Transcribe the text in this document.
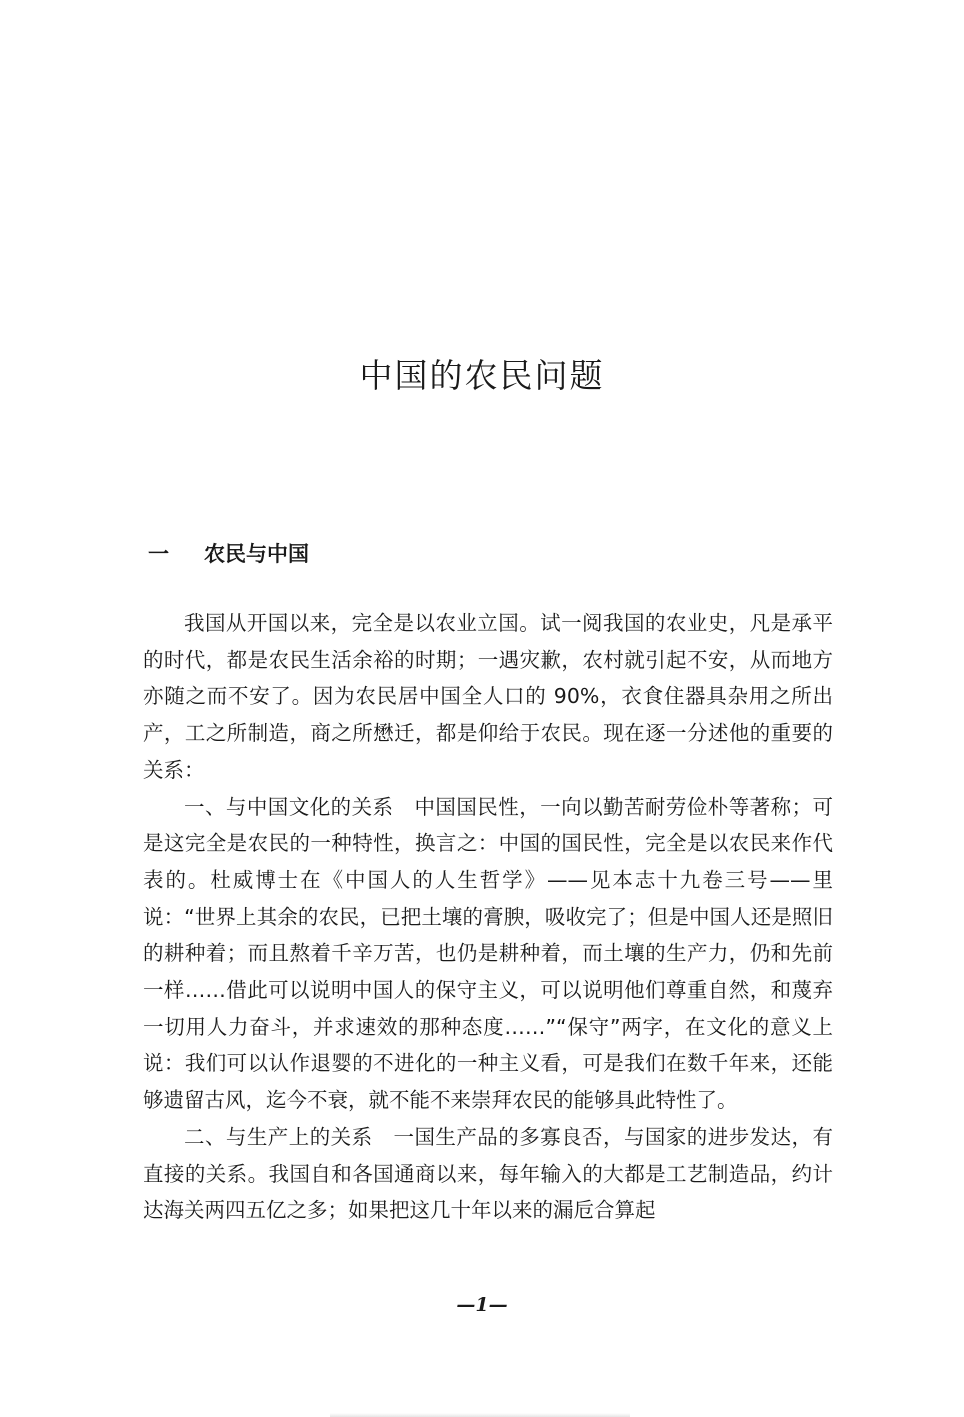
中国的农民问题
一 农民与中国

我国从开国以来，完全是以农业立国。试一阅我国的农业史，凡是承平的时代，都是农民生活余裕的时期；一遇灾歉，农村就引起不安，从而地方亦随之而不安了。因为农民居中国全人口的 90%，衣食住器具杂用之所出产，工之所制造，商之所懋迁，都是仰给于农民。现在逐一分述他的重要的关系：

一、与中国文化的关系　中国国民性，一向以勤苦耐劳俭朴等著称；可是这完全是农民的一种特性，换言之：中国的国民性，完全是以农民来作代表的。杜威博士在《中国人的人生哲学》——见本志十九卷三号——里说：“世界上其余的农民，已把土壤的膏腴，吸收完了；但是中国人还是照旧的耕种着；而且熬着千辛万苦，也仍是耕种着，而土壤的生产力，仍和先前一样……借此可以说明中国人的保守主义，可以说明他们尊重自然，和蔑弃一切用人力奋斗，并求速效的那种态度……”“保守”两字，在文化的意义上说：我们可以认作退婴的不进化的一种主义看，可是我们在数千年来，还能够遗留古风，迄今不衰，就不能不来崇拜农民的能够具此特性了。

二、与生产上的关系　一国生产品的多寡良否，与国家的进步发达，有直接的关系。我国自和各国通商以来，每年输入的大都是工艺制造品，约计达海关两四五亿之多；如果把这几十年以来的漏卮合算起

—1—
